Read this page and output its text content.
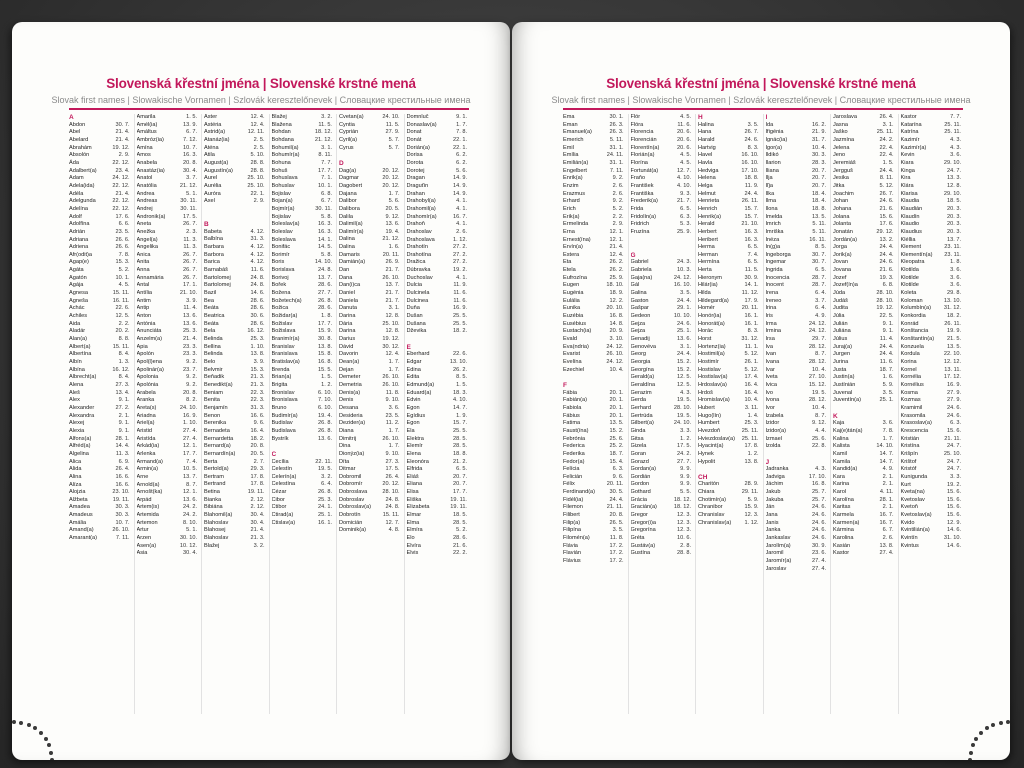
Slovenská křestní jména | Slovenské krstné mená
Slovak first names | Slowakische Vornamen | Szlovák keresztelőnevek | Словацкие крестильные имена
A
Abdon	30. 7.
Abel	21. 4.
Abelard	21. 4.
Abrahám	19. 12.
Absolón	2. 9.
Áda	22. 12.
Adalbert(a)	23. 4.
Adam	24. 12.
Adela(ida)	22. 12.
Adéla	21. 4.
Adelgunda	22. 12.
Adelína	22. 12.
Adolf	17. 6.
Adolfína	6. 6.
Adrián	23. 5.
Adriana	26. 6.
Adriena	26. 6.
Afr(odit)a	7. 8.
Agap(e)	15. 3.
Agáta	5. 2.
Agatón	10. 1.
Agája	4. 5.
Agnesa	15. 11.
Agneša	16. 11.
Achác	22. 6.
Achiles	12. 5.
Aida	2. 2.
Aladár	20. 2.
Alan(a)	8. 8.
Albert(a)	15. 11.
Albertína	8. 4.
Albín	1. 3.
Albína	16. 12.
Albrecht(a)	8. 4.
Alena	27. 3.
Aleš	13. 4.
Alex	9. 1.
Alexander	27. 2.
Alexandra	2. 1.
Alexej	9. 1.
Alexia	9. 1.
Alfons(a)	28. 1.
Alfréd(a)	14. 4.
Algelina	11. 3.
Alica	6. 9.
Alida	26. 4.
Alina	16. 6.
Alíza	16. 6.
Alojzia	23. 10.
Alžbeta	19. 11.
Amadea	30. 3.
Amadeus	30. 3.
Amália	10. 7.
Amand(a)	26. 10.
Amarant(a)	7. 11.
Amarila	1. 5.
Amél(ia)	13. 9.
Amáltus	6. 7.
Ambróz(ia)	7. 12.
Amína	10. 7.
Amos	16. 3.
Anabela	20. 8.
Anastáz(ia)	30. 4.
Anatol	3. 7.
Anatólia	21. 12.
Andrea	5. 1.
Andreas	30. 11.
Andrej	30. 11.
Andronik(a)	17. 5.
Aneta	26. 7.
Anežka	2. 3.
Angel(a)	11. 3.
Angelika	11. 3.
Anica	26. 7.
Anita	26. 7.
Anna	26. 7.
Annamária	26. 7.
Antal	17. 1.
Antília	21. 10.
Antim	3. 9.
Antip	11. 4.
Anton	13. 6.
Antónia	13. 6.
Anunciáta	25. 3.
Anzelm(a)	21. 4.
Apia	23. 3.
Apolón	23. 3.
Apol(l)ena	9. 2.
Apolinár(a)	23. 7.
Apolonia	9. 2.
Apolónia	9. 2.
Arabela	20. 8.
Aranka	8. 2.
Areta(s)	24. 10.
Ariadna	16. 9.
Ariel(a)	1. 10.
Aristid	27. 4.
Aristída	27. 4.
Arkád(ia)	12. 1.
Arlenka	17. 7.
Armand(a)	7. 4.
Armin(a)	10. 5.
Arne	13. 7.
Arnold(a)	8. 7.
Arnošt(ka)	12. 1.
Arpád	13. 6.
Artem(is)	24. 2.
Artemida	24. 2.
Artemon	8. 10.
Artur	5. 1.
Arzen	30. 10.
Asen(a)	10. 12.
Asia	30. 4.
Aster	12. 4.
Astéria	12. 4.
Astrid(a)	12. 11.
Atanáz(ia)	2. 5.
Aténa	2. 5.
Atila	5. 10.
August(a)	28. 8.
Augustín(a)	28. 8.
Aurel	25. 10.
Aurélia	25. 10.
Auróra	22. 1.
Axel	2. 9.
B
Babeta	4. 12.
Balbína	31. 3.
Barbara	4. 12.
Barbora	4. 12.
Barica	4. 12.
Barnabáš	11. 6.
Bartolomej	24. 8.
Bartolomej	24. 8.
Bazil	14. 6.
Bea	28. 6.
Beáta	28. 6.
Beatrica	30. 6.
Beáta	28. 6.
Bela	16. 12.
Belinda	25. 3.
Bellina	1. 10.
Belinda	13. 8.
Belo	3. 9.
Belvmir	15. 3.
Beňadik	21. 3.
Benedikt(a)	21. 3.
Beniam	22. 3.
Benita	22. 3.
Benjamín	31. 3.
Benon	16. 6.
Berenika	9. 6.
Bernadeta	16. 4.
Bernardetta	18. 2.
Bernard(a)	20. 8.
Bernardín(a)	20. 5.
Berta	2. 7.
Bertold(a)	29. 3.
Bertram	17. 8.
Bertrand	17. 8.
Betina	19. 11.
Bianka	2. 12.
Bibiána	2. 12.
Blahomil(a)	30. 4.
Blahoslav	30. 4.
Blahosej	21. 4.
Blahoslav	21. 3.
Blažej	3. 2.
Blažej	3. 2.
Blažena	11. 5.
Bohdan	18. 12.
Bohdana	21. 12.
Bohumil(a)	3. 1.
Bohumír(a)	8. 11.
Bohuna	7. 7.
Bohuš	17. 7.
Bohuslava	7. 1.
Bohuslav	10. 1.
Bojislav	6. 8.
Bojan(a)	6. 7.
Bojmír(a)	30. 11.
Bojislav	5. 8.
Boleslav(a)	16. 3.
Boleslav	16. 3.
Boleslava	14. 1.
Bonifác	14. 5.
Borimír	5. 8.
Boris	14. 10.
Borislava	24. 8.
Borivoj	13. 7.
Bořek	28. 6.
Božena	27. 7.
Božetech(a)	26. 8.
Božica	28. 6.
Božidar(a)	1. 8.
Božislav	17. 7.
Božislava	15. 9.
Branimír(a)	30. 8.
Branislav	13. 8.
Branislava	15. 8.
Bratislav(a)	16. 8.
Brenda	15. 5.
Brian(a)	1. 5.
Brigita	1. 2.
Bronislav	6. 10.
Bronislava	7. 10.
Bruno	6. 10.
Budimír(a)	19. 4.
Budislav	26. 8.
Budislava	26. 8.
Bystrík	13. 6.
C
Cecília	22. 11.
Celestín	19. 5.
Celerín(a)	3. 2.
Celestína	6. 4.
Cézar	26. 8.
Cibor	25. 3.
Ctibor	24. 1.
Ctirad(a)	25. 1.
Ctislav(a)	16. 1.
Cvetan(a)	24. 10.
Cyntia	11. 5.
Cyprián	27. 9.
Cyril(a)	5. 7.
Cyrus	5. 7.
D
Dag(a)	20. 12.
Dagmar	20. 12.
Dagobert	20. 12.
Dajana	1. 7.
Dalibor	5. 6.
Dalibora	20. 5.
Dalila	9. 12.
Dalimil(a)	13. 6.
Dalimír(a)	19. 4.
Dalina	21. 12.
Dalina	1. 6.
Damaris	20. 11.
Damián(a)	26. 9.
Dan	21. 7.
Dana	26. 10.
Dan(i)ca	13. 7.
Daniel	21. 7.
Daniela	21. 7.
Danuta	3. 1.
Darina	12. 8.
Dária	25. 10.
Darina	12. 8.
Darius	19. 12.
Dávid	30. 12.
Davorin	12. 4.
Dean(a)	1. 7.
Dejan	1. 7.
Demeter	26. 10.
Demetria	26. 10.
Denis(a)	11. 8.
Denis	9. 10.
Desana	3. 6.
Desideria	23. 5.
Dezider(a)	11. 2.
Diana	1. 7.
Dimitrij	26. 10.
Dina	1. 7.
Dionýz(ia)	9. 10.
Díta	27. 3.
Ditmar	17. 5.
Dobromil	26. 4.
Dobromír	20. 12.
Dobroslava	28. 10.
Dobroslav	24. 8.
Dobroslav(a)	24. 8.
Dobrotín	15. 11.
Domicián	12. 7.
Dominik(a)	4. 8.
Domnluč	9. 1.
Donaslav(a)	1. 7.
Donat	7. 8.
Donát	22. 1.
Dorián(a)	22. 1.
Dorisa	6. 2.
Dorota	6. 2.
Dorotej	5. 6.
Dragan	14. 9.
Draguťin	14. 9.
Drahan	14. 9.
Drahobyl(a)	4. 1.
Drahomil(a)	4. 1.
Drahomír(a)	16. 7.
Drahoň	4. 1.
Drahoslav	2. 6.
Drahoslava	1. 12.
Drahotín	27. 2.
Drahotína	27. 2.
Dražica	27. 2.
Dúbravka	19. 2.
Duchoslav	4. 1.
Dulcia	11. 9.
Dulcinela	11. 6.
Dulcinea	11. 6.
Duňa	16. 9.
Dušan	25. 5.
Dušana	25. 5.
Dževika	18. 2.
E
Eberhard	22. 6.
Edgar	13. 10.
Edina	26. 2.
Edita	8. 5.
Edmund(a)	1. 5.
Eduard(a)	18. 3.
Edvin	4. 10.
Egon	14. 7.
Egídius	1. 9.
Egon	15. 7.
Ela	25. 5.
Elektra	28. 5.
Elemír	28. 5.
Elena	18. 8.
Eleonóra	21. 2.
Elfrida	6. 5.
Eliáš	20. 7.
Eliana	20. 7.
Elisa	17. 7.
Eliška	19. 11.
Elizabeta	19. 11.
Elmar	18. 5.
Elma	28. 5.
Elmíra	5. 2.
Elo	28. 6.
Elvíra	21. 6.
Elvis	22. 2.
Slovenská křestní jména | Slovenské krstné mená
Slovak first names | Slowakische Vornamen | Szlovák keresztelőnevek | Словацкие крестильные имена
Ema	30. 1.
Eman	26. 3.
Emanuel(a)	26. 3.
Emerich	5. 11.
Emil	31. 1.
Emília	24. 11.
Emilián(a)	31. 1.
Engelbert	7. 11.
Enrik(a)	9. 2.
Enzim	2. 6.
Erazmus	2. 6.
Erhard	9. 2.
Erich	5. 2.
Erik(a)	2. 2.
Ermelinda	2. 9.
Erna	12. 1.
Ernest(ína)	12. 1.
Ervín(a)	21. 4.
Estera	12. 4.
Eta	26. 2.
Etela	26. 2.
Eufrozína	25. 9.
Eugen	18. 10.
Eugénia	18. 9.
Eulália	12. 2.
Eunika	20. 10.
Euzébia	16. 8.
Eusébius	14. 8.
Eustach(ia)	20. 9.
Evald	3. 10.
Eva(ndria)	24. 12.
Evarist	26. 10.
Evelína	24. 12.
Ezechiel	10. 4.
F
Fábia	20. 1.
Fabián(a)	20. 1.
Fabiola	20. 1.
Fábius	20. 1.
Fatima	13. 5.
Faust(ína)	15. 2.
Febrónia	25. 6.
Federica	25. 2.
Federika	18. 7.
Fedor(a)	15. 4.
Felícia	6. 3.
Felicián	9. 6.
Félix	20. 11.
Ferdinand(a)	30. 5.
Fidél(ia)	24. 4.
Filemon	21. 11.
Filibert	20. 8.
Filip(a)	26. 5.
Filipína	3. 5.
Filomén(a)	11. 8.
Flávia	17. 2.
Flavián	17. 2.
Flávius	17. 2.
Flór	4. 5.
Flóra	11. 6.
Florencia	20. 6.
Florencián	20. 6.
Florentín(a)	20. 6.
Florián(a)	4. 5.
Florína	4. 5.
Fortunát(a)	12. 7.
Fraňo	4. 10.
František	4. 10.
Františka	9. 3.
Frederik(a)	21. 7.
Frida	6. 5.
Fridolín(a)	6. 3.
Fridrich	5. 3.
Fruzína	25. 9.
G
Gabriel	24. 3.
Gabriela	10. 3.
Gaja(na)	24. 12.
Gál	16. 10.
Galina	3. 5.
Gaston	24. 4.
Gašpar	29. 1.
Gedeon	10. 10.
Gejza	24. 6.
Gejza	25. 1.
Genadij	13. 6.
Genovéva	3. 1.
Georg	24. 4.
Georgia	15. 2.
Georgína	15. 2.
Gerald(a)	12. 5.
Geraldína	12. 5.
Gerazim	4. 3.
Gerda	19. 5.
Gerhard	28. 10.
Gertrúda	19. 5.
Gilbert(a)	24. 10.
Ginda	3. 3.
Gitsa	1. 2.
Gizela	17. 5.
Goran	24. 2.
Gorazd	27. 7.
Gordan(a)	9. 9.
Gordián	9. 9.
Gordon	9. 9.
Gothard	5. 5.
Grácia	18. 12.
Gracián(a)	18. 12.
Gregor	12. 3.
Gregor(i)a	12. 3.
Gregorína	12. 3.
Gréta	10. 6.
Gustáv(a)	2. 8.
Gustína	28. 8.
H
Halina	3. 5.
Hana	26. 7.
Harald	24. 6.
Hartvig	8. 3.
Havel	16. 10.
Havla	16. 10.
Hedviga	17. 10.
Helena	18. 8.
Helga	11. 9.
Helmut	24. 4.
Henrieta	26. 11.
Henrich	15. 7.
Henrik(a)	15. 7.
Herald	21. 10.
Herbert	16. 3.
Heribert	16. 3.
Herma	6. 5.
Herman	7. 4.
Hermína	6. 5.
Herta	11. 5.
Hieronym	30. 9.
Hilár(ia)	14. 1.
Hilda	11. 12.
Hildegard(a)	17. 9.
Homér	20. 11.
Honór(ia)	16. 1.
Honorát(a)	16. 1.
Horác	8. 3.
Horst	31. 12.
Hortenz(ia)	11. 1.
Hostimil(a)	5. 12.
Hostimír	26. 1.
Hostislav	5. 12.
Hostislav(a)	17. 4.
Hrdoslav(a)	16. 4.
Hrdoš	16. 4.
Hromislav(a)	10. 4.
Hubert	3. 11.
Hugo(lín)	1. 4.
Humbert	25. 3.
Hvezdoň	25. 11.
Hviezdoslav(a) 25. 11.
Hyacint(a)	17. 8.
Hynek	1. 2.
Hypolit	13. 8.
CH
Charitón	28. 9.
Chiara	29. 11.
Chotimír(a)	5. 9.
Chranibor	15. 9.
Chranislav	12. 3.
Chranislav(a) 1. 12.
I
Ida	16. 2.
Ifigénia	21. 9.
Ignác(ia)	31. 7.
Igor(a)	10. 4.
Ildikó	30. 3.
Ilarion	28. 3.
Iliana	20. 7.
Ilja	20. 7.
Iľja	20. 7.
Ilka	18. 4.
Ilma	18. 4.
Ilona	18. 8.
Imelda	13. 5.
Imrich	5. 11.
Imriška	5. 11.
Inéza	16. 11.
In(g)a	8. 5.
Ingeborga	30. 7.
Ingemar	30. 7.
Ingrida	6. 5.
Inocencia	28. 7.
Inocent	28. 7.
Irena	6. 4.
Ireneo	3. 7.
Irina	6. 4.
Iris	4. 9.
Irma	24. 12.
Irmina	24. 12.
Irsa	29. 7.
Iva	28. 12.
Ivan	8. 7.
Ivana	28. 12.
Ivar	10. 4.
Iveta	27. 10.
Ivica	15. 12.
Ivo	19. 5.
Ivona	28. 12.
Ivor	10. 4.
Izabela	8. 7.
Izidor	9. 12.
Izidor(a)	4. 4.
Izmael	25. 6.
Izolda	22. 8.
J
Jadranka	4. 3.
Jadviga	17. 10.
Jáchim	16. 8.
Jakub	25. 7.
Jakuba	25. 7.
Ján	24. 6.
Jana	24. 6.
Janis	24. 6.
Janka	24. 6.
Jankaslav	24. 6.
Jarolím(a)	30. 9.
Jaromil	23. 6.
Jaromír(a)	27. 4.
Jaroslav	27. 4.
Jaroslava	26. 4.
Jasna	3. 1.
Jaško	25. 11.
Jazmína	24. 2.
Jelena	22. 4.
Jeno	22. 4.
Jeremiáš	1. 5.
Jergguš	24. 4.
Jesika	8. 11.
Jitka	5. 12.
Joachim	26. 7.
Johan	24. 6.
Johana	21. 6.
Jolana	15. 6.
Jolanta	17. 6.
Jonatán	29. 12.
Jordán(a)	13. 2.
Jorga	24. 4.
Jorik(a)	24. 4.
Jovan	24. 6.
Jovana	21. 6.
Jozef	19. 3.
Jozef(ín)a	6. 8.
Júda	28. 10.
Judáš	28. 10.
Judita	19. 12.
Júlia	22. 5.
Julián	9. 1.
Juliána	9. 1.
Július	11. 4.
Juraj(a)	24. 4.
Jurgen	24. 4.
Jurina	11. 6.
Justa	18. 7.
Justin(a)	1. 6.
Justínián	5. 9.
Juvenal	3. 5.
Juventín(a)	25. 1.
K
Kaja	3. 6.
Kaj(e)tán(a)	7. 8.
Kalina	1. 7.
Kalista	14. 10.
Kamil	14. 7.
Kamila	14. 7.
Kandid(a)	4. 9.
Kara	2. 1.
Karina	2. 1.
Karol	4. 11.
Karolína	28. 1.
Karitas	2. 1.
Karmela	16. 7.
Karmen(a)	16. 7.
Kármina	6. 7.
Karolina	2. 6.
Kasián	13. 8.
Kastor	27. 4.
Kastor	7. 7.
Katarína	25. 11.
Katrína	25. 11.
Kazimír	4. 3.
Kazimír(a)	4. 3.
Kevin	3. 6.
Kiara	29. 10.
Kinga	24. 7.
Kira	13. 3.
Klára	12. 8.
Klarisa	29. 10.
Klaudia	18. 5.
Klaudián	20. 3.
Klaudín	20. 3.
Klaudio	20. 3.
Klaudius	20. 3.
Kléllia	13. 7.
Klement	23. 11.
Klementín(a) 23. 11.
Kleopatra	1. 8.
Klotilda	3. 6.
Klotilde	3. 6.
Klotilde	3. 6.
Koleta	29. 8.
Koloman	13. 10.
Kolumbín(a) 31. 12.
Konkordia	18. 2.
Konrád	26. 11.
Konštancia	19. 9.
Konštantín(a) 21. 5.
Konzuela	13. 5.
Kordula	22. 10.
Korina	12. 12.
Kornel	13. 11.
Kornélia	17. 12.
Kornélius	16. 9.
Kosma	27. 9.
Kozmas	27. 9.
Kramimil	24. 6.
Krasomila	24. 6.
Krasoslav(a)	6. 3.
Krescencia	15. 6.
Kristián	21. 11.
Kristína	24. 7.
Krišpín	25. 10.
Krištof	24. 7.
Kristóf	24. 7.
Kunigunda	3. 3.
Kurt	19. 2.
Kveta(na)	15. 6.
Kvetoslav	15. 6.
Kvetoň	15. 6.
Kvetoslav(a)	15. 6.
Kvido	12. 9.
Kvintilián(a)	14. 6.
Kvintín	31. 10.
Kvintus	14. 6.
